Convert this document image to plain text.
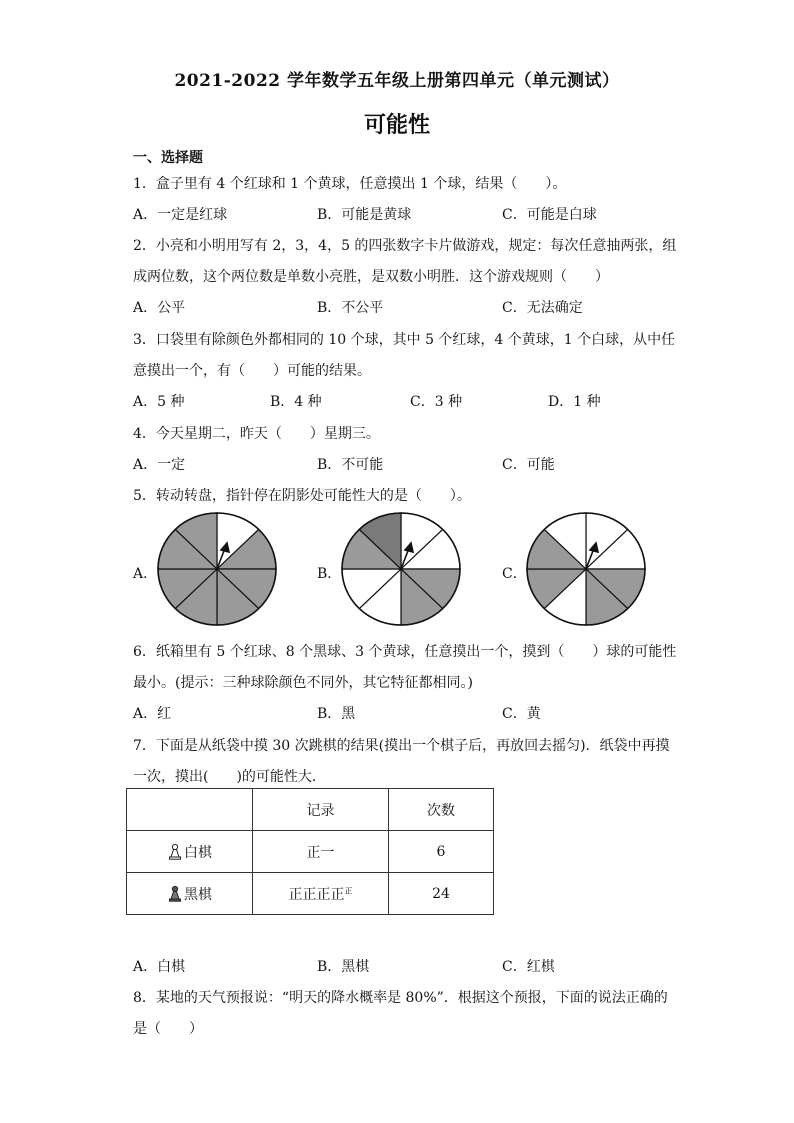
2021-2022 学年数学五年级上册第四单元（单元测试）
可能性
一、选择题
1．盒子里有 4 个红球和 1 个黄球，任意摸出 1 个球，结果（　　）。
A．一定是红球	B．可能是黄球	C．可能是白球
2．小亮和小明用写有 2，3，4，5 的四张数字卡片做游戏，规定：每次任意抽两张，组
成两位数，这个两位数是单数小亮胜，是双数小明胜．这个游戏规则（　　）
A．公平	B．不公平	C．无法确定
3．口袋里有除颜色外都相同的 10 个球，其中 5 个红球，4 个黄球，1 个白球，从中任
意摸出一个，有（　　）可能的结果。
A．5 种	B．4 种	C．3 种	D．1 种
4．今天星期二，昨天（　　）星期三。
A．一定	B．不可能	C．可能
5．转动转盘，指针停在阴影处可能性大的是（　　）。
A．	B．	C．
6．纸箱里有 5 个红球、8 个黑球、3 个黄球，任意摸出一个，摸到（　　）球的可能性
最小。(提示：三种球除颜色不同外，其它特征都相同。)
A．红	B．黑	C．黄
7．下面是从纸袋中摸 30 次跳棋的结果(摸出一个棋子后，再放回去摇匀)．纸袋中再摸
一次，摸出(　　)的可能性大．
	记录	次数
白棋	正一	6
黑棋	正正正正$^正$	24
A．白棋	B．黑棋	C．红棋
8．某地的天气预报说：“明天的降水概率是 80%”．根据这个预报，下面的说法正确的
是（　　）
